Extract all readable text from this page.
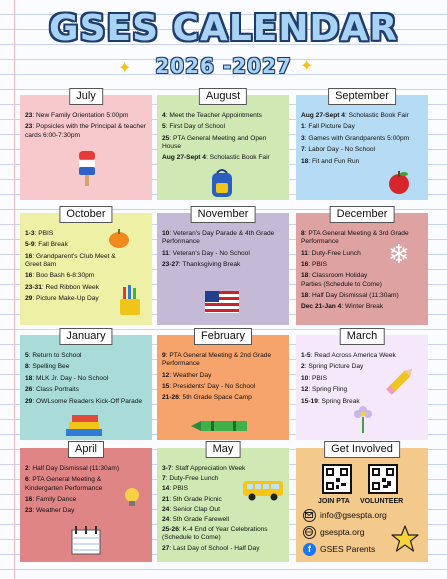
GSES CALENDAR
2026 -2027
✦	✦
July
23: New Family Orientation 5:00pm
23: Popsicles with the Principal & teacher cards 6:00-7:30pm
August
4: Meet the Teacher Appointments
5: First Day of School
25: PTA General Meeting and Open House
Aug 27-Sept 4: Scholastic Book Fair
September
Aug 27-Sept 4: Scholastic Book Fair
1: Fall Picture Day
3: Games with Grandparents 5:00pm
7: Labor Day - No School
18: Fit and Fun Run
October
1-3: PBIS
5-9: Fall Break
16: Grandparent's Club Meet & Greet 8am
16: Boo Bash 6-8:30pm
23-31: Red Ribbon Week
29: Picture Make-Up Day
November
10: Veteran's Day Parade & 4th Grade Performance
11: Veteran's Day - No School
23-27: Thanksgiving Break
December
8: PTA General Meeting & 3rd Grade Performance
11: Duty-Free Lunch
16: PBIS
18: Classroom Holiday Parties (Schedule to Come)
18: Half Day Dismissal (11:30am)
Dec 21-Jan 4: Winter Break
❄
January
5: Return to School
8: Spelling Bee
18: MLK Jr. Day - No School
26: Class Portraits
29: OWLsome Readers Kick-Off Parade
February
9: PTA General Meeting & 2nd Grade Performance
12: Weather Day
15: Presidents' Day - No School
21-26: 5th Grade Space Camp
March
1-5: Read Across America Week
2: Spring Picture Day
10: PBIS
12: Spring Fling
15-19: Spring Break
April
2: Half Day Dismissal (11:30am)
6: PTA General Meeting & Kindergarten Performance
16: Family Dance
23: Weather Day
May
3-7: Staff Appreciation Week
7: Duty-Free Lunch
14: PBIS
21: 5th Grade Picnic
24: Senior Clap Out
24: 5th Grade Farewell
25-26: K-4 End of Year Celebrations (Schedule to Come)
27: Last Day of School - Half Day
Get Involved
JOIN PTA VOLUNTEER
info@gsespta.org
gsespta.org
f	GSES Parents
